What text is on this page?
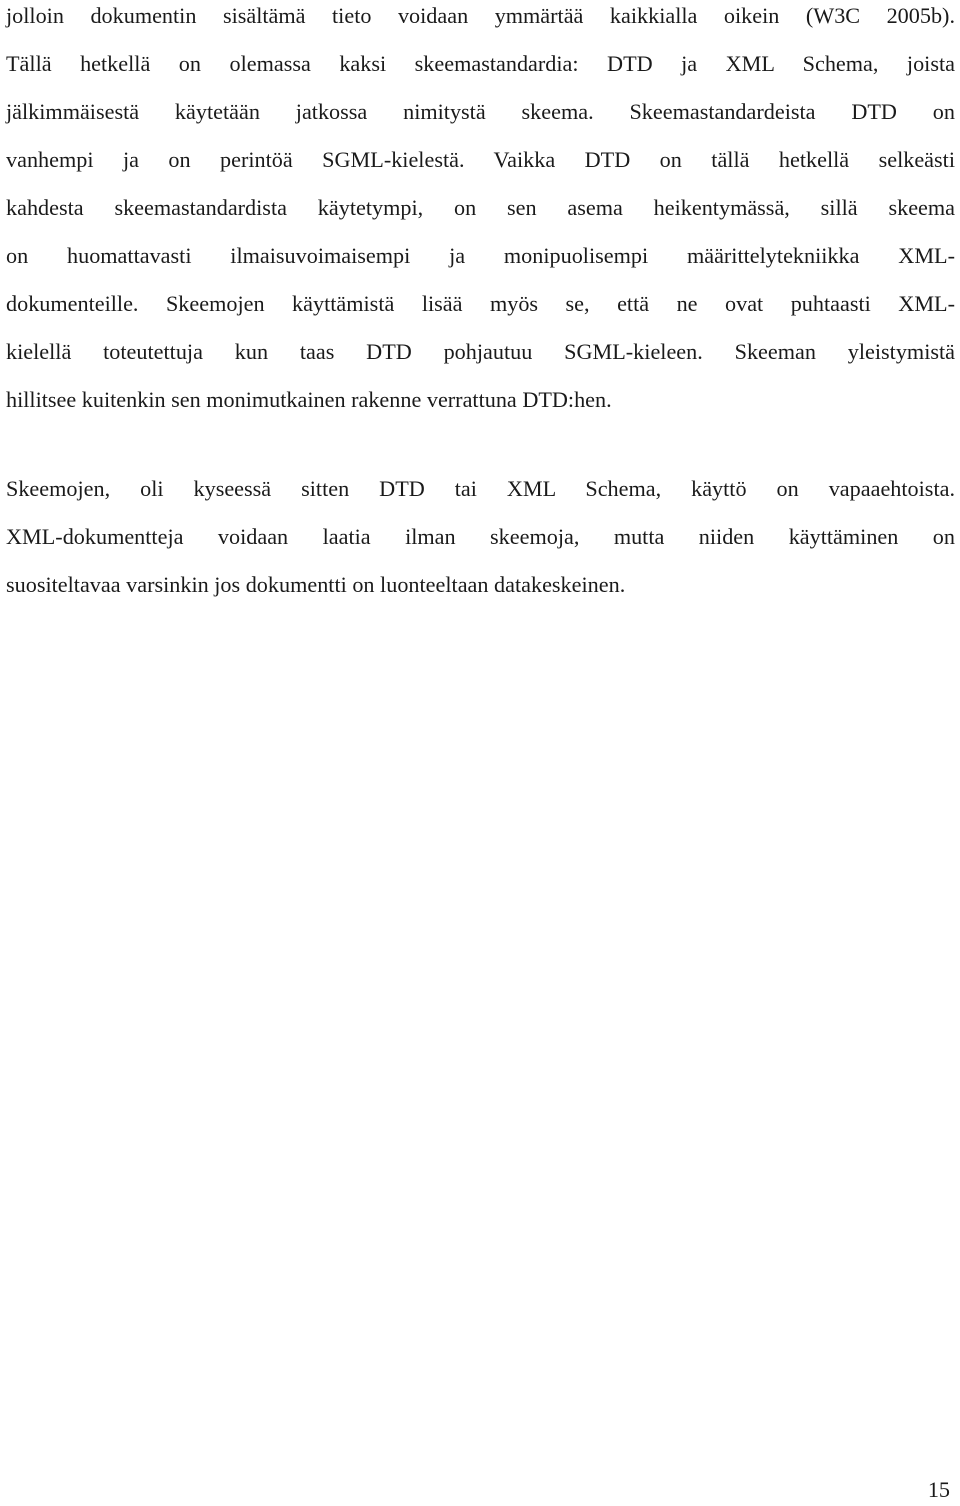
jolloin dokumentin sisältämä tieto voidaan ymmärtää kaikkialla oikein (W3C 2005b).
Tällä hetkellä on olemassa kaksi skeemastandardia: DTD ja XML Schema, joista
jälkimmäisestä käytetään jatkossa nimitystä skeema. Skeemastandardeista DTD on
vanhempi ja on perintöä SGML-kielestä. Vaikka DTD on tällä hetkellä selkeästi
kahdesta skeemastandardista käytetympi, on sen asema heikentymässä, sillä skeema
on huomattavasti ilmaisuvoimaisempi ja monipuolisempi määrittelytekniikka XML-
dokumenteille. Skeemojen käyttämistä lisää myös se, että ne ovat puhtaasti XML-
kielellä toteutettuja kun taas DTD pohjautuu SGML-kieleen. Skeeman yleistymistä
hillitsee kuitenkin sen monimutkainen rakenne verrattuna DTD:hen.
Skeemojen, oli kyseessä sitten DTD tai XML Schema, käyttö on vapaaehtoista.
XML-dokumentteja voidaan laatia ilman skeemoja, mutta niiden käyttäminen on
suositeltavaa varsinkin jos dokumentti on luonteeltaan datakeskeinen.
15
